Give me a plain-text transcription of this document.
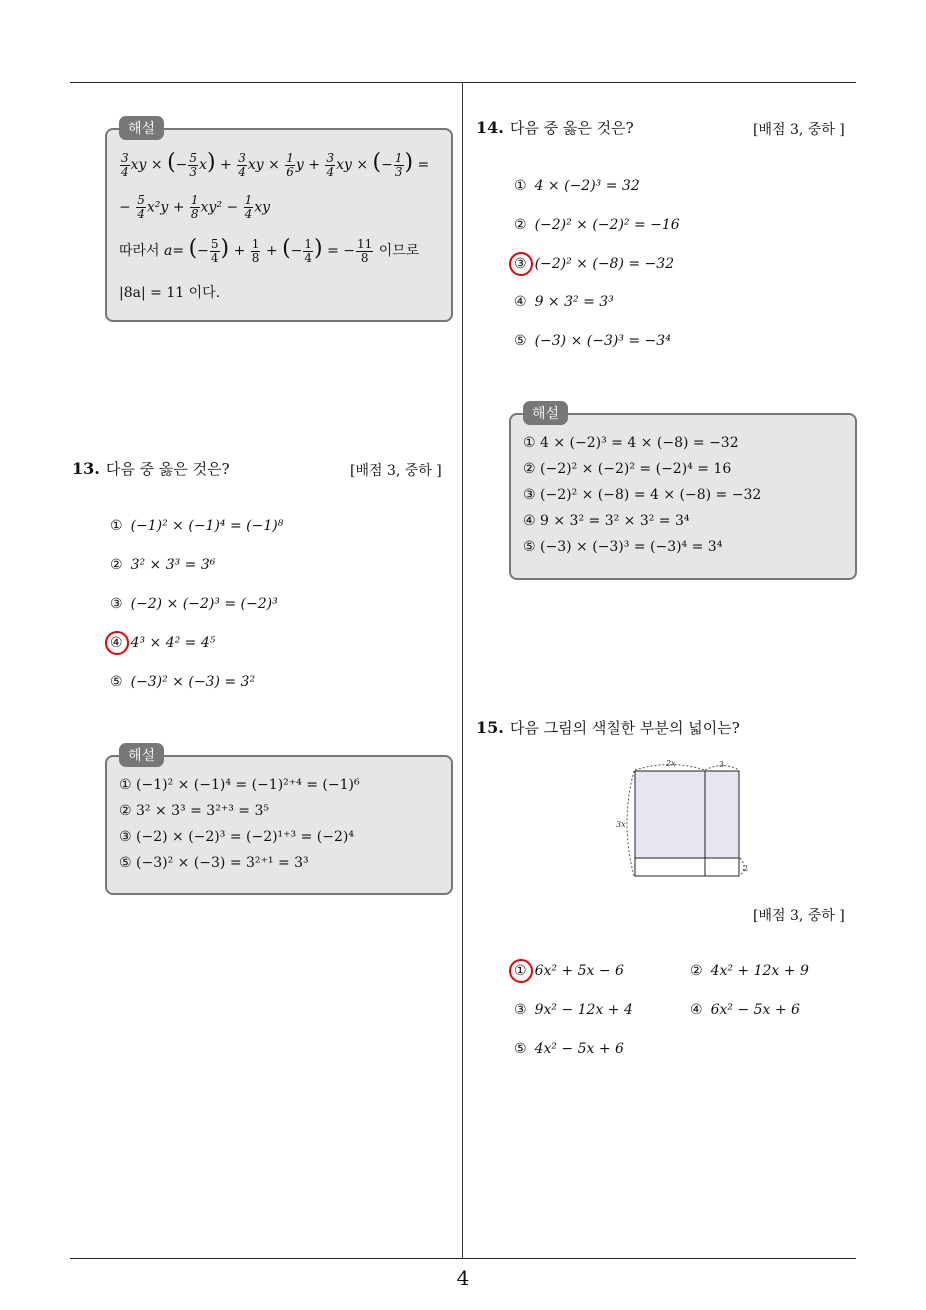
4
해설
$\frac{3}{4}$ xy × (− $\frac{5}{3} x) + \frac{3}{4}$ xy × $\frac{1}{6}$ $y + \frac{3}{4}$ xy × (− $\frac{1}{3}$ ) =
− $\frac{5}{4} x^2y + \frac{1}{8} xy^2 - \frac{1}{4}$ xy
따라서 a= (− $\frac{5}{4}$ ) + $\frac{1}{8}$ + (− $\frac{1}{4}$ ) = − $\frac{11}{8}$ 이므로
|8a| = 11 이다.
13. 다음 중 옳은 것은?	[배점 3, 중하 ]
① (−1)² × (−1)⁴ = (−1)⁸
② 3² × 3³ = 3⁶
③ (−2) × (−2)³ = (−2)³
④ 4³ × 4² = 4⁵
⑤ (−3)² × (−3) = 3²
해설
① (−1)² × (−1)⁴ = (−1)²⁺⁴ = (−1)⁶
② 3² × 3³ = 3²⁺³ = 3⁵
③ (−2) × (−2)³ = (−2)¹⁺³ = (−2)⁴
⑤ (−3)² × (−3) = 3²⁺¹ = 3³
14. 다음 중 옳은 것은?	[배점 3, 중하 ]
① 4 × (−2)³ = 32
② (−2)² × (−2)² = −16
③ (−2)² × (−8) = −32
④ 9 × 3² = 3³
⑤ (−3) × (−3)³ = −3⁴
해설
① 4 × (−2)³ = 4 × (−8) = −32
② (−2)² × (−2)² = (−2)⁴ = 16
③ (−2)² × (−8) = 4 × (−8) = −32
④ 9 × 3² = 3² × 3² = 3⁴
⑤ (−3) × (−3)³ = (−3)⁴ = 3⁴
15. 다음 그림의 색칠한 부분의 넓이는?
2x	3
3x
2
[배점 3, 중하 ]
① 6x² + 5x − 6	② 4x² + 12x + 9
③ 9x² − 12x + 4	④ 6x² − 5x + 6
⑤ 4x² − 5x + 6
